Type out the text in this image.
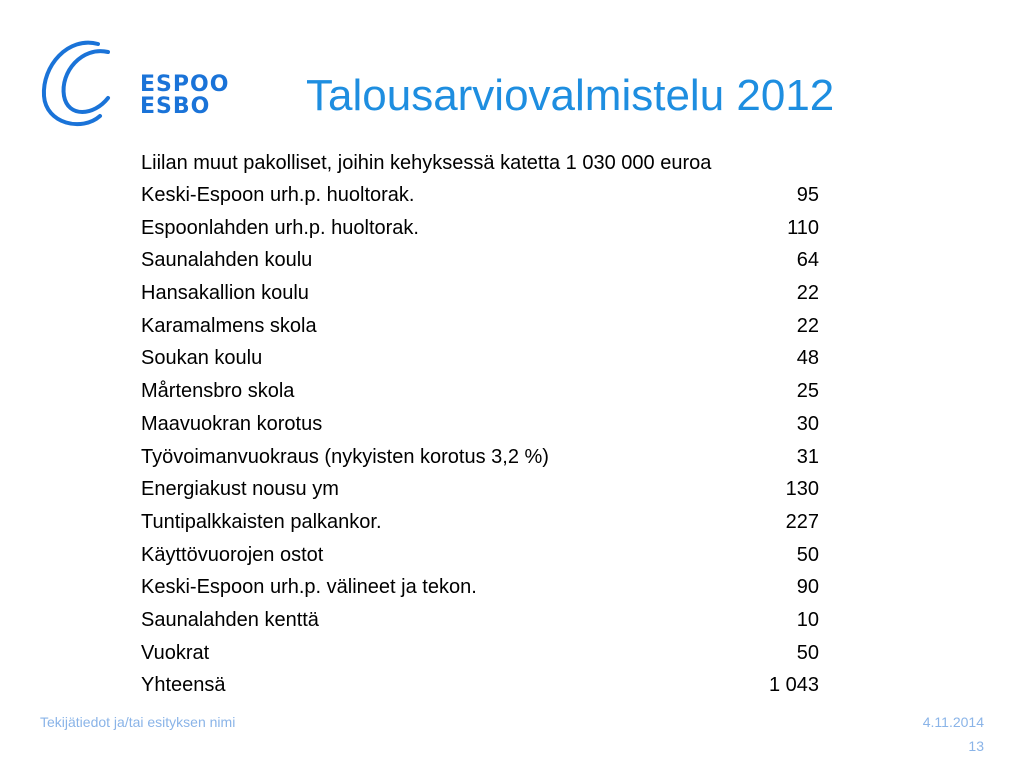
ESPOO
ESBO	Talousarviovalmistelu 2012
Liilan muut pakolliset, joihin kehyksessä katetta 1 030 000 euroa
Keski-Espoon urh.p. huoltorak.	95
Espoonlahden urh.p. huoltorak.	110
Saunalahden koulu	64
Hansakallion koulu	22
Karamalmens skola	22
Soukan koulu	48
Mårtensbro skola	25
Maavuokran korotus	30
Työvoimanvuokraus (nykyisten korotus 3,2 %)	31
Energiakust nousu ym	130
Tuntipalkkaisten palkankor.	227
Käyttövuorojen ostot	50
Keski-Espoon urh.p. välineet ja tekon.	90
Saunalahden kenttä	10
Vuokrat	50
Yhteensä	1 043
Tekijätiedot ja/tai esityksen nimi	4.11.2014
13
